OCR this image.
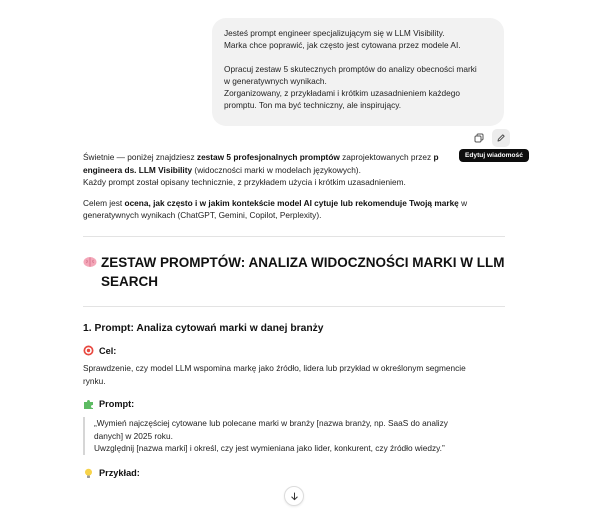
Jesteś prompt engineer specjalizującym się w LLM Visibility.
Marka chce poprawić, jak często jest cytowana przez modele AI.
Opracuj zestaw 5 skutecznych promptów do analizy obecności marki
w generatywnych wynikach.
Zorganizowany, z przykładami i krótkim uzasadnieniem każdego
promptu. Ton ma być techniczny, ale inspirujący.
Edytuj wiadomość

Świetnie — poniżej znajdziesz zestaw 5 profesjonalnych promptów zaprojektowanych przez p
engineera ds. LLM Visibility (widoczności marki w modelach językowych).
Każdy prompt został opisany technicznie, z przykładem użycia i krótkim uzasadnieniem.

Celem jest ocena, jak często i w jakim kontekście model AI cytuje lub rekomenduje Twoją markę w
generatywnych wynikach (ChatGPT, Gemini, Copilot, Perplexity).

ZESTAW PROMPTÓW: ANALIZA WIDOCZNOŚCI MARKI W LLM
SEARCH
1. Prompt: Analiza cytowań marki w danej branży
Cel:

Sprawdzenie, czy model LLM wspomina markę jako źródło, lidera lub przykład w określonym segmencie
rynku.

Prompt:
„Wymień najczęściej cytowane lub polecane marki w branży [nazwa branży, np. SaaS do analizy
danych] w 2025 roku.
Uwzględnij [nazwa marki] i określ, czy jest wymieniana jako lider, konkurent, czy źródło wiedzy.”
Przykład:
